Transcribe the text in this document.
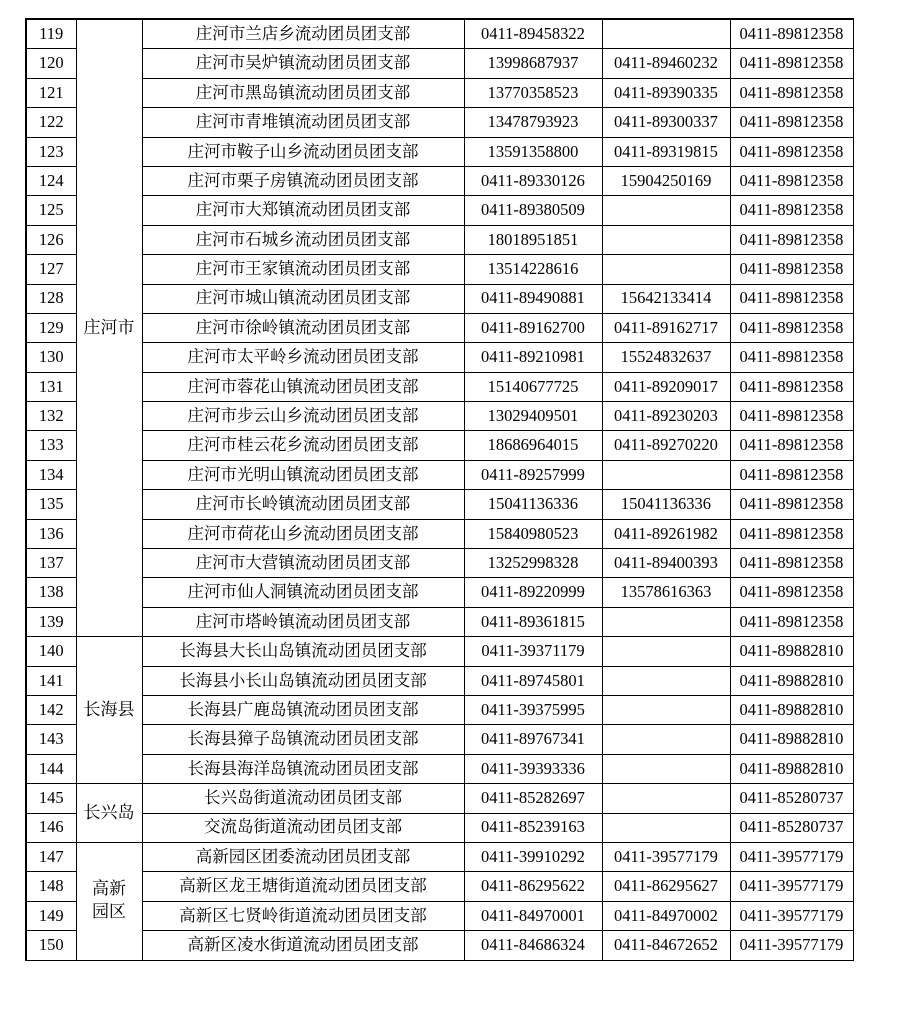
119	庄河市	庄河市兰店乡流动团员团支部	0411-89458322		0411-89812358
120		庄河市吴炉镇流动团员团支部	13998687937	0411-89460232	0411-89812358
121		庄河市黑岛镇流动团员团支部	13770358523	0411-89390335	0411-89812358
122		庄河市青堆镇流动团员团支部	13478793923	0411-89300337	0411-89812358
123		庄河市鞍子山乡流动团员团支部	13591358800	0411-89319815	0411-89812358
124		庄河市栗子房镇流动团员团支部	0411-89330126	15904250169	0411-89812358
125		庄河市大郑镇流动团员团支部	0411-89380509		0411-89812358
126		庄河市石城乡流动团员团支部	18018951851		0411-89812358
127		庄河市王家镇流动团员团支部	13514228616		0411-89812358
128		庄河市城山镇流动团员团支部	0411-89490881	15642133414	0411-89812358
129		庄河市徐岭镇流动团员团支部	0411-89162700	0411-89162717	0411-89812358
130		庄河市太平岭乡流动团员团支部	0411-89210981	15524832637	0411-89812358
131		庄河市蓉花山镇流动团员团支部	15140677725	0411-89209017	0411-89812358
132		庄河市步云山乡流动团员团支部	13029409501	0411-89230203	0411-89812358
133		庄河市桂云花乡流动团员团支部	18686964015	0411-89270220	0411-89812358
134		庄河市光明山镇流动团员团支部	0411-89257999		0411-89812358
135		庄河市长岭镇流动团员团支部	15041136336	15041136336	0411-89812358
136		庄河市荷花山乡流动团员团支部	15840980523	0411-89261982	0411-89812358
137		庄河市大营镇流动团员团支部	13252998328	0411-89400393	0411-89812358
138		庄河市仙人洞镇流动团员团支部	0411-89220999	13578616363	0411-89812358
139		庄河市塔岭镇流动团员团支部	0411-89361815		0411-89812358
140	长海县	长海县大长山岛镇流动团员团支部	0411-39371179		0411-89882810
141		长海县小长山岛镇流动团员团支部	0411-89745801		0411-89882810
142		长海县广鹿岛镇流动团员团支部	0411-39375995		0411-89882810
143		长海县獐子岛镇流动团员团支部	0411-89767341		0411-89882810
144		长海县海洋岛镇流动团员团支部	0411-39393336		0411-89882810
145	长兴岛	长兴岛街道流动团员团支部	0411-85282697		0411-85280737
146		交流岛街道流动团员团支部	0411-85239163		0411-85280737
147	高新园区	高新园区团委流动团员团支部	0411-39910292	0411-39577179	0411-39577179
148		高新区龙王塘街道流动团员团支部	0411-86295622	0411-86295627	0411-39577179
149		高新区七贤岭街道流动团员团支部	0411-84970001	0411-84970002	0411-39577179
150		高新区凌水街道流动团员团支部	0411-84686324	0411-84672652	0411-39577179
